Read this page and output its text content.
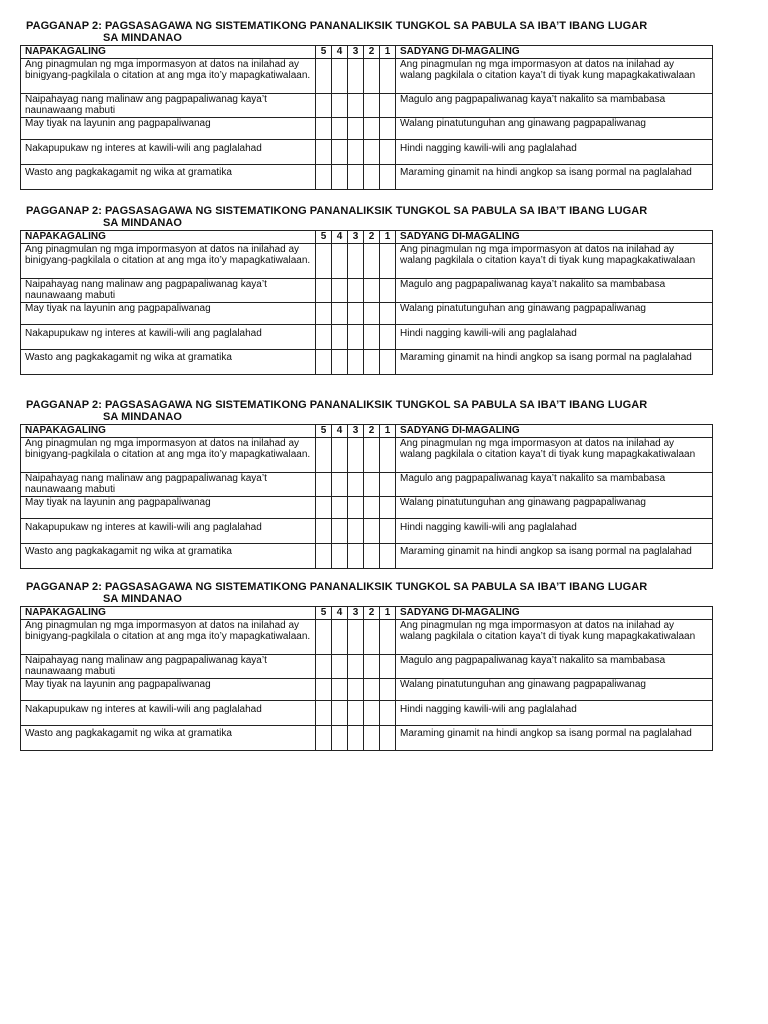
PAGGANAP 2: PAGSASAGAWA NG SISTEMATIKONG PANANALIKSIK TUNGKOL SA PABULA SA IBA’T IBANG LUGAR
SA MINDANAO
NAPAKAGALING	5	4	3	2	1	SADYANG DI-MAGALING
Ang pinagmulan ng mga impormasyon at datos na inilahad ay binigyang-pagkilala o citation at ang mga ito’y mapagkatiwalaan.						Ang pinagmulan ng mga impormasyon at datos na inilahad ay walang pagkilala o citation kaya’t di tiyak kung mapagkakatiwalaan
Naipahayag nang malinaw ang pagpapaliwanag kaya’t naunawaang mabuti						Magulo ang pagpapaliwanag kaya’t nakalito sa mambabasa
May tiyak na layunin ang pagpapaliwanag						Walang pinatutunguhan ang ginawang pagpapaliwanag
Nakapupukaw ng interes at kawili-wili ang paglalahad						Hindi nagging kawili-wili ang paglalahad
Wasto ang pagkakagamit ng wika at gramatika						Maraming ginamit na hindi angkop sa isang pormal na paglalahad
PAGGANAP 2: PAGSASAGAWA NG SISTEMATIKONG PANANALIKSIK TUNGKOL SA PABULA SA IBA’T IBANG LUGAR
SA MINDANAO
NAPAKAGALING	5	4	3	2	1	SADYANG DI-MAGALING
Ang pinagmulan ng mga impormasyon at datos na inilahad ay binigyang-pagkilala o citation at ang mga ito’y mapagkatiwalaan.						Ang pinagmulan ng mga impormasyon at datos na inilahad ay walang pagkilala o citation kaya’t di tiyak kung mapagkakatiwalaan
Naipahayag nang malinaw ang pagpapaliwanag kaya’t naunawaang mabuti						Magulo ang pagpapaliwanag kaya’t nakalito sa mambabasa
May tiyak na layunin ang pagpapaliwanag						Walang pinatutunguhan ang ginawang pagpapaliwanag
Nakapupukaw ng interes at kawili-wili ang paglalahad						Hindi nagging kawili-wili ang paglalahad
Wasto ang pagkakagamit ng wika at gramatika						Maraming ginamit na hindi angkop sa isang pormal na paglalahad
PAGGANAP 2: PAGSASAGAWA NG SISTEMATIKONG PANANALIKSIK TUNGKOL SA PABULA SA IBA’T IBANG LUGAR
SA MINDANAO
NAPAKAGALING	5	4	3	2	1	SADYANG DI-MAGALING
Ang pinagmulan ng mga impormasyon at datos na inilahad ay binigyang-pagkilala o citation at ang mga ito’y mapagkatiwalaan.						Ang pinagmulan ng mga impormasyon at datos na inilahad ay walang pagkilala o citation kaya’t di tiyak kung mapagkakatiwalaan
Naipahayag nang malinaw ang pagpapaliwanag kaya’t naunawaang mabuti						Magulo ang pagpapaliwanag kaya’t nakalito sa mambabasa
May tiyak na layunin ang pagpapaliwanag						Walang pinatutunguhan ang ginawang pagpapaliwanag
Nakapupukaw ng interes at kawili-wili ang paglalahad						Hindi nagging kawili-wili ang paglalahad
Wasto ang pagkakagamit ng wika at gramatika						Maraming ginamit na hindi angkop sa isang pormal na paglalahad
PAGGANAP 2: PAGSASAGAWA NG SISTEMATIKONG PANANALIKSIK TUNGKOL SA PABULA SA IBA’T IBANG LUGAR
SA MINDANAO
NAPAKAGALING	5	4	3	2	1	SADYANG DI-MAGALING
Ang pinagmulan ng mga impormasyon at datos na inilahad ay binigyang-pagkilala o citation at ang mga ito’y mapagkatiwalaan.						Ang pinagmulan ng mga impormasyon at datos na inilahad ay walang pagkilala o citation kaya’t di tiyak kung mapagkakatiwalaan
Naipahayag nang malinaw ang pagpapaliwanag kaya’t naunawaang mabuti						Magulo ang pagpapaliwanag kaya’t nakalito sa mambabasa
May tiyak na layunin ang pagpapaliwanag						Walang pinatutunguhan ang ginawang pagpapaliwanag
Nakapupukaw ng interes at kawili-wili ang paglalahad						Hindi nagging kawili-wili ang paglalahad
Wasto ang pagkakagamit ng wika at gramatika						Maraming ginamit na hindi angkop sa isang pormal na paglalahad
